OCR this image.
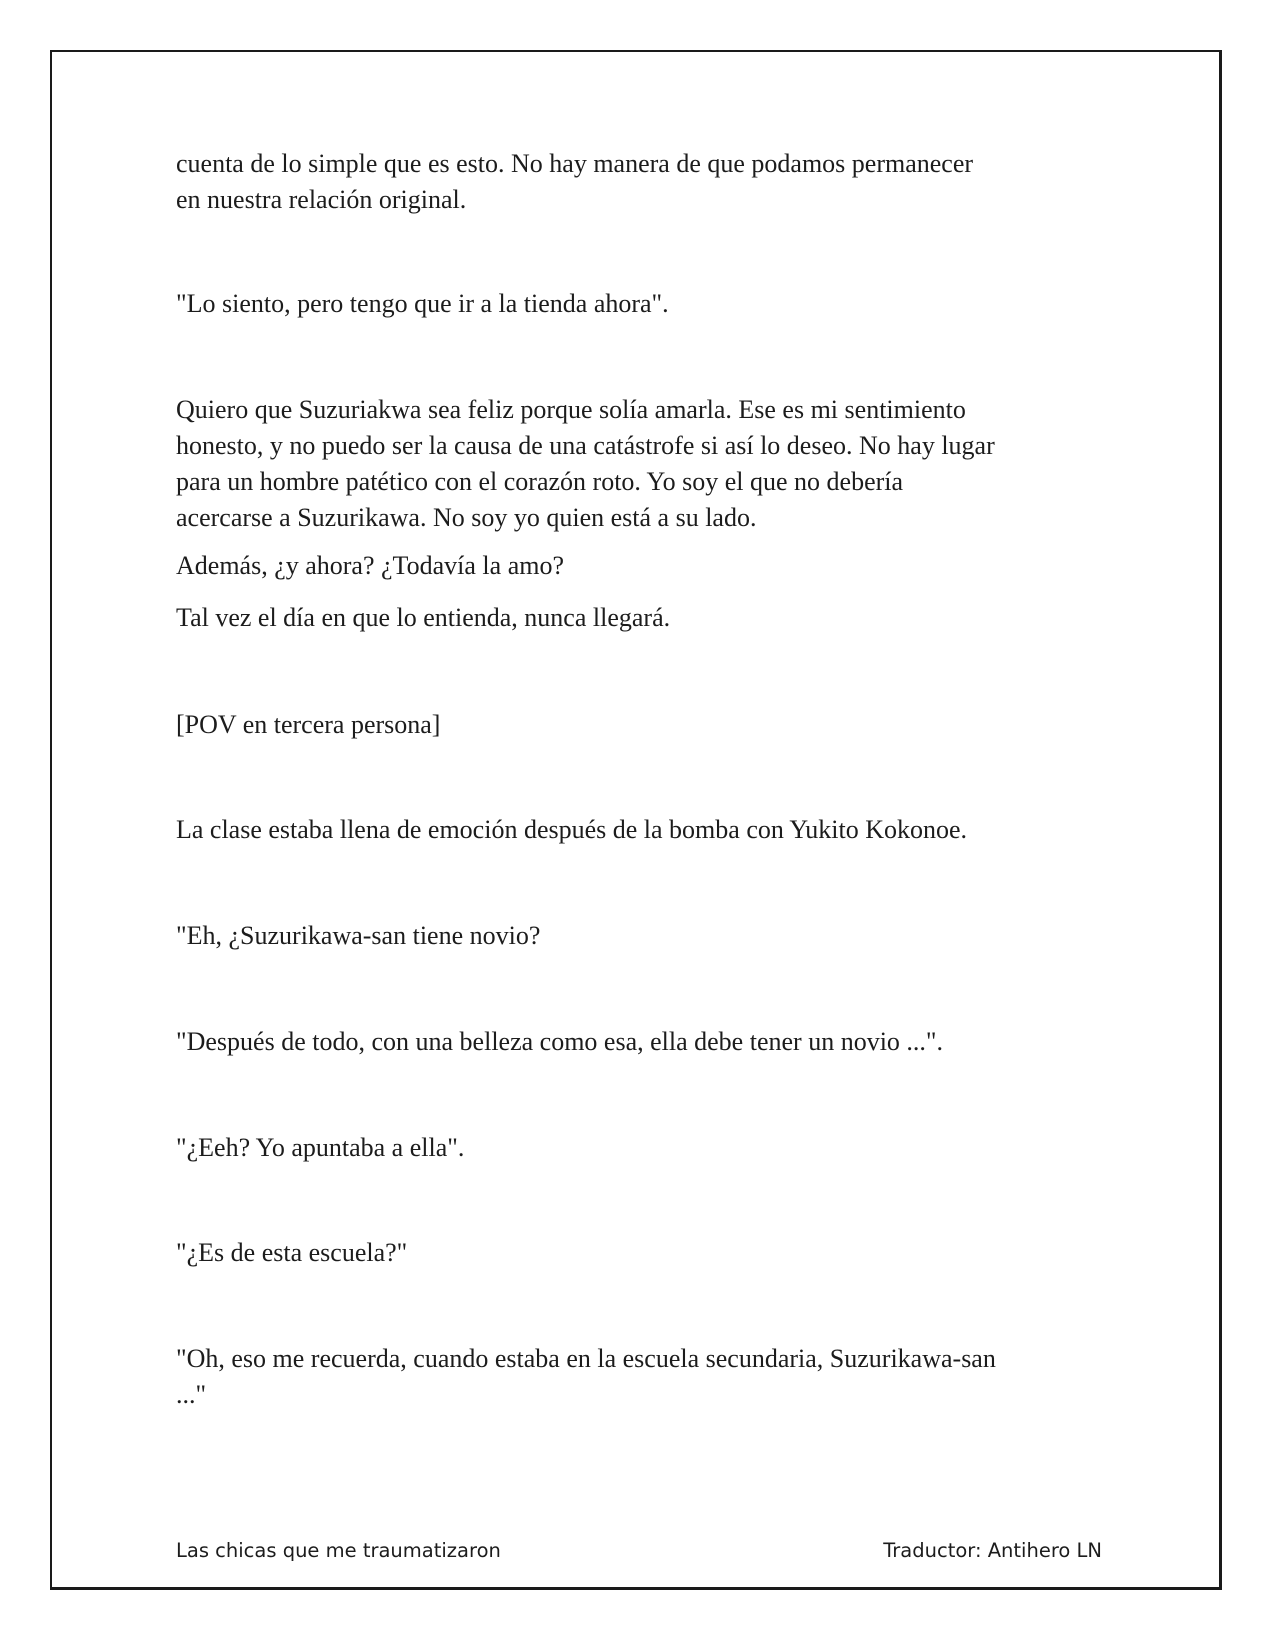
cuenta de lo simple que es esto. No hay manera de que podamos permanecer
en nuestra relación original.

"Lo siento, pero tengo que ir a la tienda ahora".

Quiero que Suzuriakwa sea feliz porque solía amarla. Ese es mi sentimiento
honesto, y no puedo ser la causa de una catástrofe si así lo deseo. No hay lugar
para un hombre patético con el corazón roto. Yo soy el que no debería
acercarse a Suzurikawa. No soy yo quien está a su lado.

Además, ¿y ahora? ¿Todavía la amo?

Tal vez el día en que lo entienda, nunca llegará.

[POV en tercera persona]

La clase estaba llena de emoción después de la bomba con Yukito Kokonoe.

"Eh, ¿Suzurikawa-san tiene novio?

"Después de todo, con una belleza como esa, ella debe tener un novio ...".

"¿Eeh? Yo apuntaba a ella".

"¿Es de esta escuela?"

"Oh, eso me recuerda, cuando estaba en la escuela secundaria, Suzurikawa-san
..."

Las chicas que me traumatizaron	Traductor: Antihero LN
